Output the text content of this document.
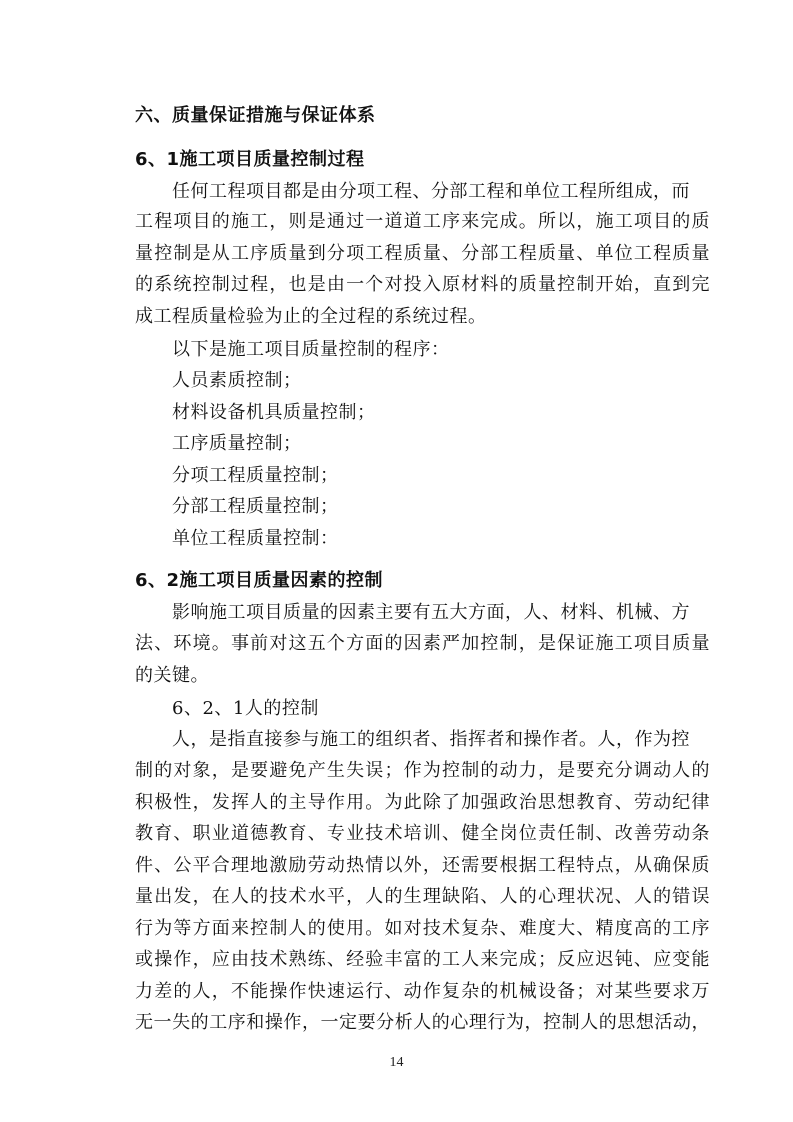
六、质量保证措施与保证体系
6、1施工项目质量控制过程
任何工程项目都是由分项工程、分部工程和单位工程所组成，而
工程项目的施工，则是通过一道道工序来完成。所以，施工项目的质
量控制是从工序质量到分项工程质量、分部工程质量、单位工程质量
的系统控制过程，也是由一个对投入原材料的质量控制开始，直到完
成工程质量检验为止的全过程的系统过程。
以下是施工项目质量控制的程序：
人员素质控制；
材料设备机具质量控制；
工序质量控制；
分项工程质量控制；
分部工程质量控制；
单位工程质量控制：
6、2施工项目质量因素的控制
影响施工项目质量的因素主要有五大方面，人、材料、机械、方
法、环境。事前对这五个方面的因素严加控制，是保证施工项目质量
的关键。
6、2、1人的控制
人，是指直接参与施工的组织者、指挥者和操作者。人，作为控
制的对象，是要避免产生失误；作为控制的动力，是要充分调动人的
积极性，发挥人的主导作用。为此除了加强政治思想教育、劳动纪律
教育、职业道德教育、专业技术培训、健全岗位责任制、改善劳动条
件、公平合理地激励劳动热情以外，还需要根据工程特点，从确保质
量出发，在人的技术水平，人的生理缺陷、人的心理状况、人的错误
行为等方面来控制人的使用。如对技术复杂、难度大、精度高的工序
或操作，应由技术熟练、经验丰富的工人来完成；反应迟钝、应变能
力差的人，不能操作快速运行、动作复杂的机械设备；对某些要求万
无一失的工序和操作，一定要分析人的心理行为，控制人的思想活动，
14
